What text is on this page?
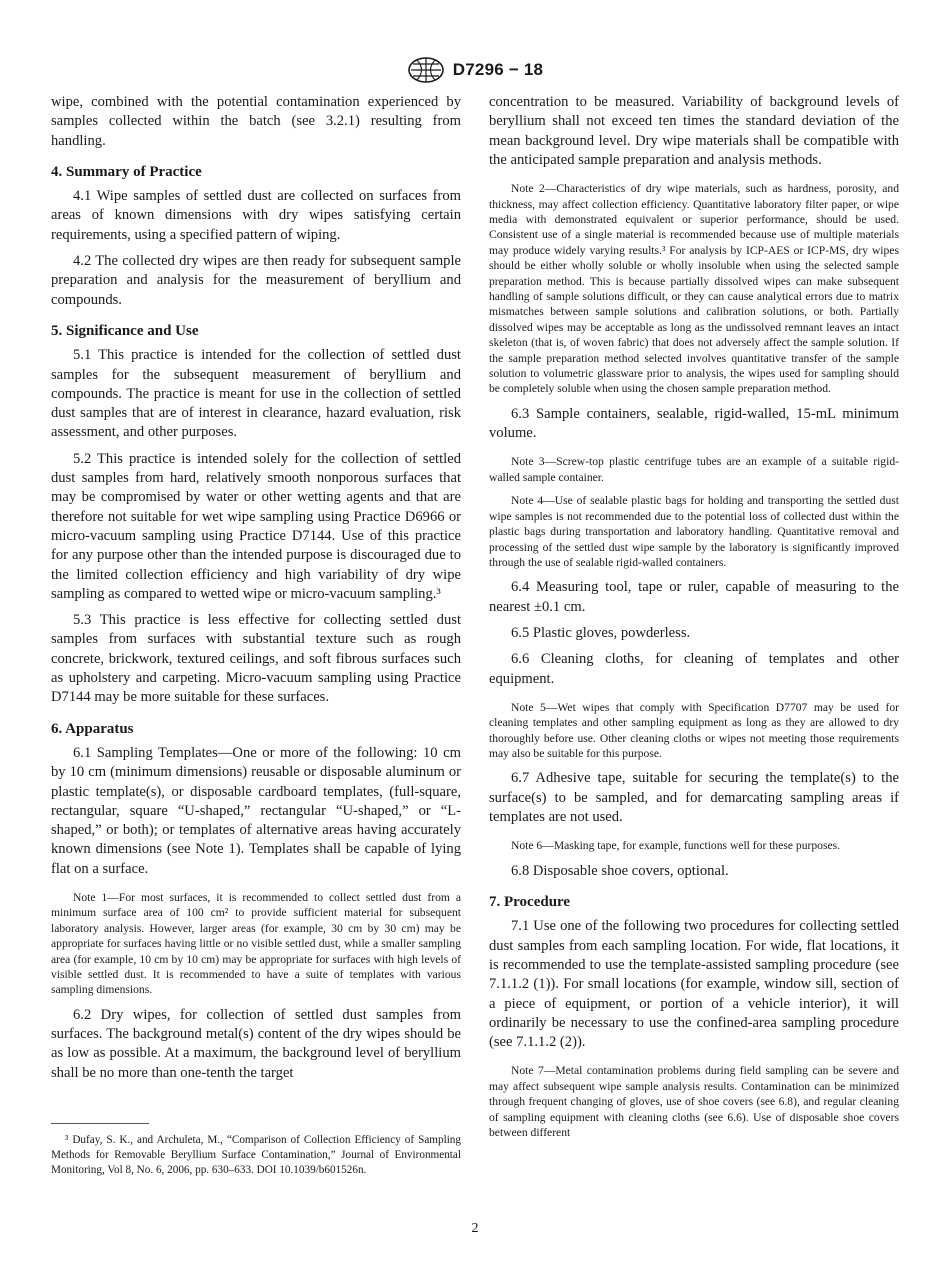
D7296 − 18

wipe, combined with the potential contamination experienced by samples collected within the batch (see 3.2.1) resulting from handling.

4. Summary of Practice

4.1 Wipe samples of settled dust are collected on surfaces from areas of known dimensions with dry wipes satisfying certain requirements, using a specified pattern of wiping.

4.2 The collected dry wipes are then ready for subsequent sample preparation and analysis for the measurement of beryllium and compounds.

5. Significance and Use

5.1 This practice is intended for the collection of settled dust samples for the subsequent measurement of beryllium and compounds. The practice is meant for use in the collection of settled dust samples that are of interest in clearance, hazard evaluation, risk assessment, and other purposes.

5.2 This practice is intended solely for the collection of settled dust samples from hard, relatively smooth nonporous surfaces that may be compromised by water or other wetting agents and that are therefore not suitable for wet wipe sampling using Practice D6966 or micro-vacuum sampling using Practice D7144. Use of this practice for any purpose other than the intended purpose is discouraged due to the limited collection efficiency and high variability of dry wipe sampling as compared to wetted wipe or micro-vacuum sampling.³

5.3 This practice is less effective for collecting settled dust samples from surfaces with substantial texture such as rough concrete, brickwork, textured ceilings, and soft fibrous surfaces such as upholstery and carpeting. Micro-vacuum sampling using Practice D7144 may be more suitable for these surfaces.

6. Apparatus

6.1 Sampling Templates—One or more of the following: 10 cm by 10 cm (minimum dimensions) reusable or disposable aluminum or plastic template(s), or disposable cardboard templates, (full-square, rectangular, square “U-shaped,” rectangular “U-shaped,” or “L-shaped,” or both); or templates of alternative areas having accurately known dimensions (see Note 1). Templates shall be capable of lying flat on a surface.

Note 1—For most surfaces, it is recommended to collect settled dust from a minimum surface area of 100 cm² to provide sufficient material for subsequent laboratory analysis. However, larger areas (for example, 30 cm by 30 cm) may be appropriate for surfaces having little or no visible settled dust, while a smaller sampling area (for example, 10 cm by 10 cm) may be appropriate for surfaces with high levels of visible settled dust. It is recommended to have a suite of templates with various sampling dimensions.

6.2 Dry wipes, for collection of settled dust samples from surfaces. The background metal(s) content of the dry wipes should be as low as possible. At a maximum, the background level of beryllium shall be no more than one-tenth the target

concentration to be measured. Variability of background levels of beryllium shall not exceed ten times the standard deviation of the mean background level. Dry wipe materials shall be compatible with the anticipated sample preparation and analysis methods.

Note 2—Characteristics of dry wipe materials, such as hardness, porosity, and thickness, may affect collection efficiency. Quantitative laboratory filter paper, or wipe media with demonstrated equivalent or superior performance, should be used. Consistent use of a single material is recommended because use of multiple materials may produce widely varying results.³ For analysis by ICP-AES or ICP-MS, dry wipes should be either wholly soluble or wholly insoluble when using the selected sample preparation method. This is because partially dissolved wipes can make subsequent handling of sample solutions difficult, or they can cause analytical errors due to matrix mismatches between sample solutions and calibration solutions, or both. Partially dissolved wipes may be acceptable as long as the undissolved remnant leaves an intact skeleton (that is, of woven fabric) that does not adversely affect the sample solution. If the sample preparation method selected involves quantitative transfer of the sample solution to volumetric glassware prior to analysis, the wipes used for sampling should be completely soluble when using the chosen sample preparation method.

6.3 Sample containers, sealable, rigid-walled, 15-mL minimum volume.

Note 3—Screw-top plastic centrifuge tubes are an example of a suitable rigid-walled sample container.

Note 4—Use of sealable plastic bags for holding and transporting the settled dust wipe samples is not recommended due to the potential loss of collected dust within the plastic bags during transportation and laboratory handling. Quantitative removal and processing of the settled dust wipe sample by the laboratory is significantly improved through the use of sealable rigid-walled containers.

6.4 Measuring tool, tape or ruler, capable of measuring to the nearest ±0.1 cm.

6.5 Plastic gloves, powderless.

6.6 Cleaning cloths, for cleaning of templates and other equipment.

Note 5—Wet wipes that comply with Specification D7707 may be used for cleaning templates and other sampling equipment as long as they are allowed to dry thoroughly before use. Other cleaning cloths or wipes not meeting those requirements may also be suitable for this purpose.

6.7 Adhesive tape, suitable for securing the template(s) to the surface(s) to be sampled, and for demarcating sampling areas if templates are not used.

Note 6—Masking tape, for example, functions well for these purposes.

6.8 Disposable shoe covers, optional.

7. Procedure

7.1 Use one of the following two procedures for collecting settled dust samples from each sampling location. For wide, flat locations, it is recommended to use the template-assisted sampling procedure (see 7.1.1.2 (1)). For small locations (for example, window sill, section of a piece of equipment, or portion of a vehicle interior), it will ordinarily be necessary to use the confined-area sampling procedure (see 7.1.1.2 (2)).

Note 7—Metal contamination problems during field sampling can be severe and may affect subsequent wipe sample analysis results. Contamination can be minimized through frequent changing of gloves, use of shoe covers (see 6.8), and regular cleaning of sampling equipment with cleaning cloths (see 6.6). Use of disposable shoe covers between different

³ Dufay, S. K., and Archuleta, M., “Comparison of Collection Efficiency of Sampling Methods for Removable Beryllium Surface Contamination,” Journal of Environmental Monitoring, Vol 8, No. 6, 2006, pp. 630–633. DOI 10.1039/b601526n.

2
